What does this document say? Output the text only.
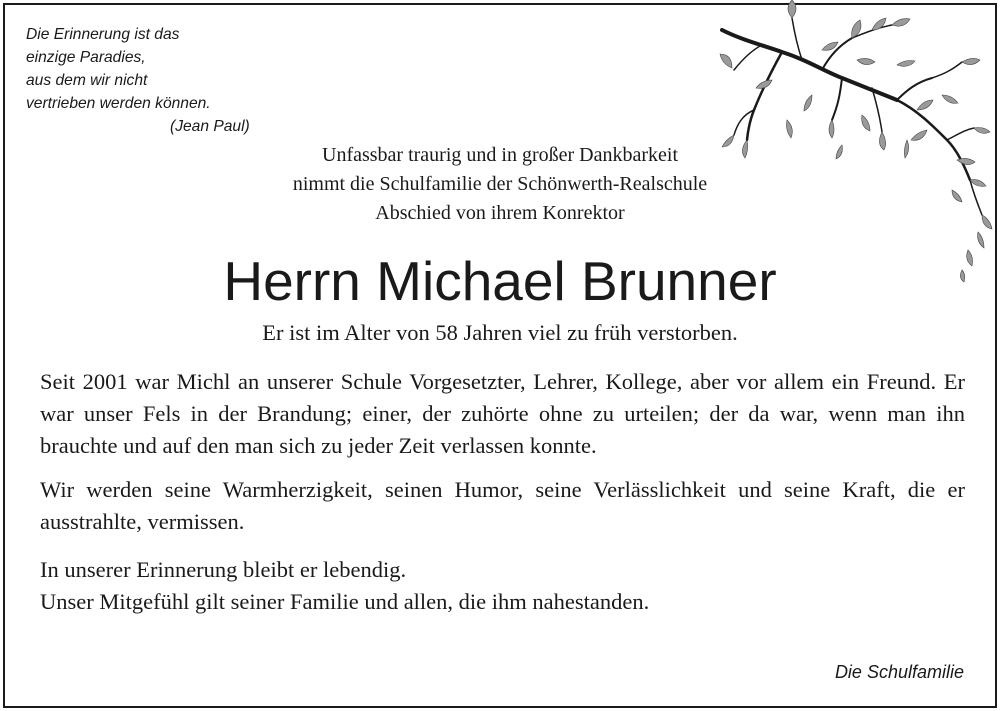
Die Erinnerung ist das
einzige Paradies,
aus dem wir nicht
vertrieben werden können.
(Jean Paul)
Unfassbar traurig und in großer Dankbarkeit
nimmt die Schulfamilie der Schönwerth-Realschule
Abschied von ihrem Konrektor
Herrn Michael Brunner
Er ist im Alter von 58 Jahren viel zu früh verstorben.

Seit 2001 war Michl an unserer Schule Vorgesetzter, Lehrer, Kollege, aber vor allem ein Freund. Er war unser Fels in der Brandung; einer, der zuhörte ohne zu urteilen; der da war, wenn man ihn brauchte und auf den man sich zu jeder Zeit verlassen konnte.

Wir werden seine Warmherzigkeit, seinen Humor, seine Verlässlichkeit und seine Kraft, die er ausstrahlte, vermissen.

In unserer Erinnerung bleibt er lebendig.
Unser Mitgefühl gilt seiner Familie und allen, die ihm nahestanden.
Die Schulfamilie
